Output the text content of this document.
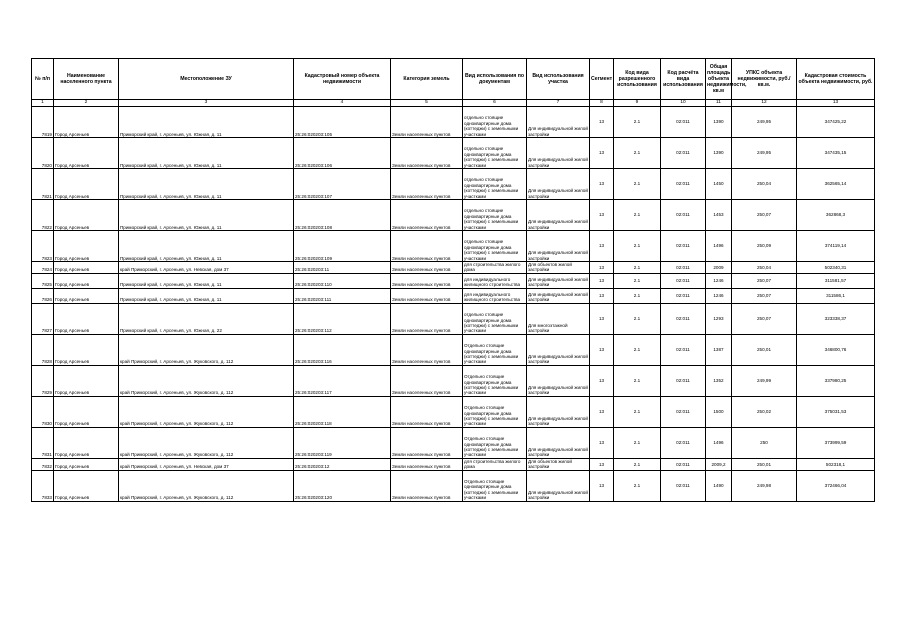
№ п/п	Наименование населенного пункта	Местоположение ЗУ	Кадастровый номер объекта недвижимости	Категория земель	Вид использования по документам	Вид использования участка	Сегмент	Код вида разрешенного использования	Код расчёта вида использования	Общая площадь объекта недвижимости, кв.м	УПКС объекта недвижимости, руб./кв.м.	Кадастровая стоимость объекта недвижимости, руб.
1	2	3	4	5	6	7	8	9	10	11	12	13
7819	Город Арсеньев	Приморский край, г. Арсеньев, ул. Южная, д. 11	25:26:020203:105	Земли населенных пунктов	отдельно стоящие одноквартирные дома (коттеджи) с земельными участками	Для индивидуальной жилой застройки	13	2.1	02:011	1390	249,95	347425,22
7820	Город Арсеньев	Приморский край, г. Арсеньев, ул. Южная, д. 11	25:26:020203:106	Земли населенных пунктов	отдельно стоящие одноквартирные дома (коттеджи) с земельными участками	Для индивидуальной жилой застройки	13	2.1	02:011	1390	249,95	347435,15
7821	Город Арсеньев	Приморский край, г. Арсеньев, ул. Южная, д. 11	25:26:020203:107	Земли населенных пунктов	отдельно стоящие одноквартирные дома (коттеджи) с земельными участками	Для индивидуальной жилой застройки	13	2.1	02:011	1450	250,04	362565,14
7822	Город Арсеньев	Приморский край, г. Арсеньев, ул. Южная, д. 11	25:26:020203:108	Земли населенных пунктов	отдельно стоящие одноквартирные дома (коттеджи) с земельными участками	Для индивидуальной жилой застройки	13	2.1	02:011	1453	250,07	362868,3
7823	Город Арсеньев	Приморский край, г. Арсеньев, ул. Южная, д. 11	25:26:020203:109	Земли населенных пунктов	отдельно стоящие одноквартирные дома (коттеджи) с земельными участками	Для индивидуальной жилой застройки	13	2.1	02:011	1496	250,09	374119,14
7824	Город Арсеньев	край Приморский, г. Арсеньев, ул. Невская, дом 37	25:26:020203:11	Земли населенных пунктов	для строительства жилого дома	Для объектов жилой застройки	13	2.1	02:011	2009	250,04	502340,31
7825	Город Арсеньев	Приморский край, г. Арсеньев, ул. Южная, д. 11	25:26:020203:110	Земли населенных пунктов	для индивидуального жилищного строительства	Для индивидуальной жилой застройки	13	2.1	02:011	1246	250,07	311581,57
7826	Город Арсеньев	Приморский край, г. Арсеньев, ул. Южная, д. 11	25:26:020203:111	Земли населенных пунктов	для индивидуального жилищного строительства	Для индивидуальной жилой застройки	13	2.1	02:011	1246	250,07	311586,1
7827	Город Арсеньев	Приморский край, г. Арсеньев, ул. Южная, д. 22	25:26:020203:112	Земли населенных пунктов	отдельно стоящие одноквартирные дома (коттеджи) с земельными участками	Для многоэтажной застройки	13	2.1	02:011	1293	250,07	323338,37
7828	Город Арсеньев	край Приморский, г. Арсеньев, ул. Жуковского, д. 112	25:26:020203:116	Земли населенных пунктов	Отдельно стоящие одноквартирные дома (коттеджи) с земельными участками	Для индивидуальной жилой застройки	13	2.1	02:011	1387	250,01	346800,76
7829	Город Арсеньев	край Приморский, г. Арсеньев, ул. Жуковского, д. 112	25:26:020203:117	Земли населенных пунктов	Отдельно стоящие одноквартирные дома (коттеджи) с земельными участками	Для индивидуальной жилой застройки	13	2.1	02:011	1352	249,99	337980,25
7830	Город Арсеньев	край Приморский, г. Арсеньев, ул. Жуковского, д. 112	25:26:020203:118	Земли населенных пунктов	Отдельно стоящие одноквартирные дома (коттеджи) с земельными участками	Для индивидуальной жилой застройки	13	2.1	02:011	1500	250,02	375031,53
7831	Город Арсеньев	край Приморский, г. Арсеньев, ул. Жуковского, д. 112	25:26:020203:119	Земли населенных пунктов	Отдельно стоящие одноквартирные дома (коттеджи) с земельными участками	Для индивидуальной жилой застройки	13	2.1	02:011	1496	250	373999,59
7832	Город Арсеньев	край Приморский, г. Арсеньев, ул. Невская, дом 37	25:26:020203:12	Земли населенных пунктов	для строительства жилого дома	Для объектов жилой застройки	13	2.1	02:011	2009,2	250,01	502318,1
7833	Город Арсеньев	край Приморский, г. Арсеньев, ул. Жуковского, д. 112	25:26:020203:120	Земли населенных пунктов	Отдельно стоящие одноквартирные дома (коттеджи) с земельными участками	Для индивидуальной жилой застройки	13	2.1	02:011	1490	249,98	372466,04
